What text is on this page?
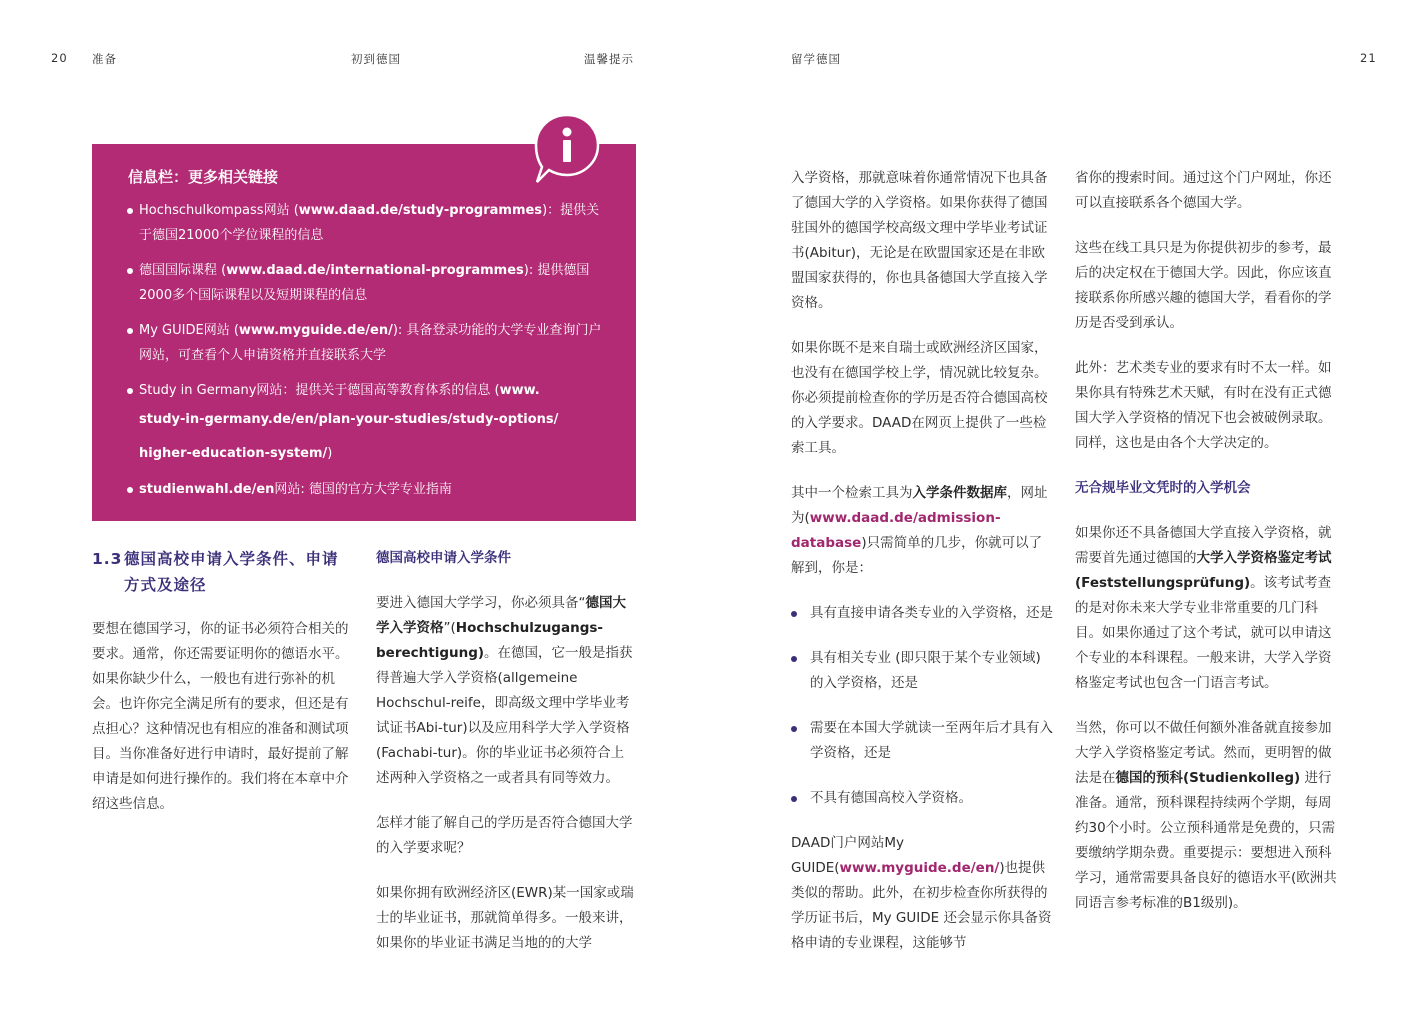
20 准备	初到德国	温馨提示	留学德国	21
信息栏：更多相关链接
Hochschulkompass网站 (www.daad.de/study-programmes)：提供关于德国21000个学位课程的信息
德国国际课程 (www.daad.de/international-programmes): 提供德国2000多个国际课程以及短期课程的信息
My GUIDE网站 (www.myguide.de/en/): 具备登录功能的大学专业查询门户网站，可查看个人申请资格并直接联系大学
Study in Germany网站：提供关于德国高等教育体系的信息 (www.
study-in-germany.de/en/plan-your-studies/study-options/
higher-education-system/)
studienwahl.de/en网站: 德国的官方大学专业指南
1.3德国高校申请入学条件、申请
方式及途径

要想在德国学习，你的证书必须符合相关的要求。通常，你还需要证明你的德语水平。如果你缺少什么，一般也有进行弥补的机会。也许你完全满足所有的要求，但还是有点担心？这种情况也有相应的准备和测试项目。当你准备好进行申请时，最好提前了解申请是如何进行操作的。我们将在本章中介绍这些信息。

德国高校申请入学条件

要进入德国大学学习，你必须具备“德国大学入学资格”(Hochschulzugangs-berechtigung)。在德国，它一般是指获得普遍大学入学资格(allgemeine Hochschul-reife，即高级文理中学毕业考试证书Abi-tur)以及应用科学大学入学资格(Fachabi-tur)。你的毕业证书必须符合上述两种入学资格之一或者具有同等效力。

怎样才能了解自己的学历是否符合德国大学的入学要求呢？

如果你拥有欧洲经济区(EWR)某一国家或瑞士的毕业证书，那就简单得多。一般来讲，如果你的毕业证书满足当地的的大学

入学资格，那就意味着你通常情况下也具备了德国大学的入学资格。如果你获得了德国驻国外的德国学校高级文理中学毕业考试证书(Abitur)，无论是在欧盟国家还是在非欧盟国家获得的，你也具备德国大学直接入学资格。

如果你既不是来自瑞士或欧洲经济区国家，也没有在德国学校上学，情况就比较复杂。你必须提前检查你的学历是否符合德国高校的入学要求。DAAD在网页上提供了一些检索工具。

其中一个检索工具为入学条件数据库，网址为(www.daad.de/admission-database)只需简单的几步，你就可以了解到，你是：

具有直接申请各类专业的入学资格，还是
具有相关专业 (即只限于某个专业领域) 的入学资格，还是
需要在本国大学就读一至两年后才具有入学资格，还是
不具有德国高校入学资格。

DAAD门户网站My GUIDE(www.myguide.de/en/)也提供类似的帮助。此外，在初步检查你所获得的学历证书后，My GUIDE 还会显示你具备资格申请的专业课程，这能够节

省你的搜索时间。通过这个门户网址，你还可以直接联系各个德国大学。

这些在线工具只是为你提供初步的参考，最后的决定权在于德国大学。因此，你应该直接联系你所感兴趣的德国大学，看看你的学历是否受到承认。

此外：艺术类专业的要求有时不太一样。如果你具有特殊艺术天赋，有时在没有正式德国大学入学资格的情况下也会被破例录取。同样，这也是由各个大学决定的。

无合规毕业文凭时的入学机会

如果你还不具备德国大学直接入学资格，就需要首先通过德国的大学入学资格鉴定考试(Feststellungsprüfung)。该考试考查的是对你未来大学专业非常重要的几门科目。如果你通过了这个考试，就可以申请这个专业的本科课程。一般来讲，大学入学资格鉴定考试也包含一门语言考试。

当然，你可以不做任何额外准备就直接参加大学入学资格鉴定考试。然而，更明智的做法是在德国的预科(Studienkolleg) 进行准备。通常，预科课程持续两个学期，每周约30个小时。公立预科通常是免费的，只需要缴纳学期杂费。重要提示：要想进入预科学习，通常需要具备良好的德语水平(欧洲共同语言参考标准的B1级别)。
